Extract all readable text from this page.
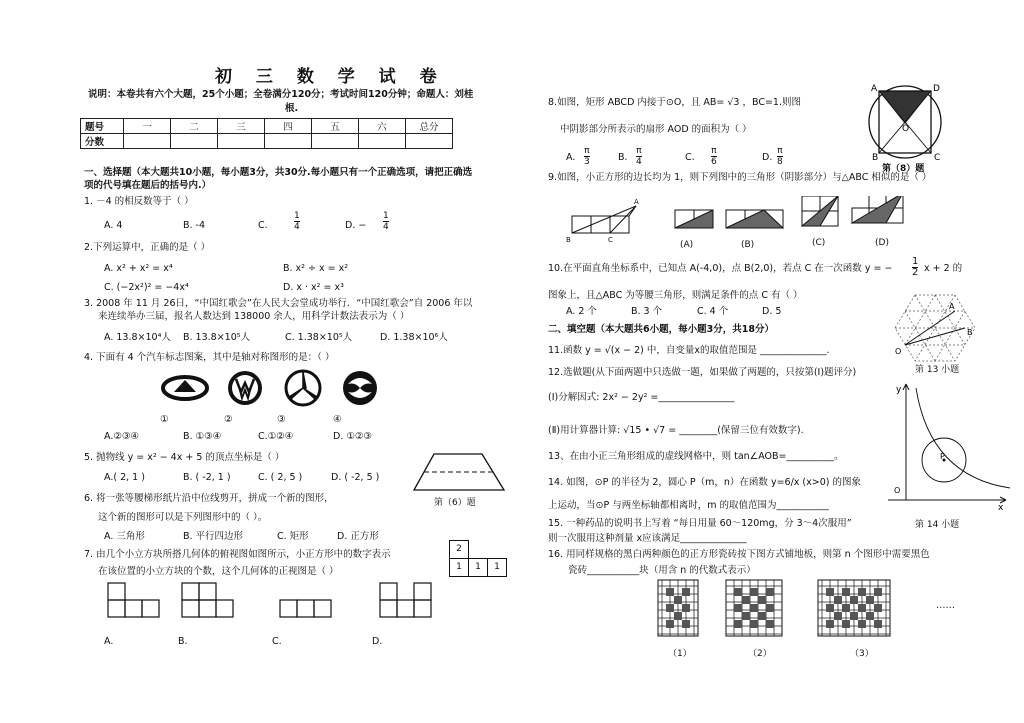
初 三 数 学 试 卷
说明：本卷共有六个大题，25个小题；全卷满分120分；考试时间120分钟；命题人：刘桂
根.
题号	一	二	三	四	五	六	总分
分数							
一、选择题（本大题共10小题，每小题3分，共30分.每小题只有一个正确选项，请把正确选
项的代号填在题后的括号内.）
1. －4 的相反数等于（ ）
A. 4	B. -4	C.	$\frac{1}{4}$	D. − $\frac{1}{4}$
2.下列运算中，正确的是（ ）
A. x² + x² = x⁴	B. x² ÷ x = x²
C. (−2x²)² = −4x⁴	D. x · x² = x³
3. 2008 年 11 月 26日，“中国红歌会”在人民大会堂成功举行．“中国红歌会”自 2006 年以
来连续举办三届，报名人数达到 138000 余人，用科学计数法表示为（ ）
A. 13.8×10⁴人 B. 13.8×10⁵人	C. 1.38×10⁵人	D. 1.38×10⁶人
4. 下面有 4 个汽车标志图案，其中是轴对称图形的是：（ ）
①	②	③	④
A.②③④	B. ①③④	C.①②④	D. ①②③
5. 抛物线 y = x² − 4x + 5 的顶点坐标是（ ）
A.( 2, 1 )	B. ( -2, 1 )	C. ( 2, 5 )	D. ( -2, 5 )
第（6）题
6. 将一张等腰梯形纸片沿中位线剪开，拼成一个新的图形，
这个新的图形可以是下列图形中的（ ）。
A. 三角形	B. 平行四边形	C. 矩形	D. 正方形
7. 由几个小立方块所搭几何体的俯视图如图所示，小正方形中的数字表示
在该位置的小立方块的个数，这个几何体的正视图是（ ）
2
1	1	1
A.	B.	C.	D.
8.如图，矩形 ABCD 内接于⊙O，且 AB= √3 ，BC=1.则图
中阴影部分所表示的扇形 AOD 的面积为（ ）
A. $\frac{\pi}{3}$	B. $\frac{\pi}{4}$	C. $\frac{\pi}{6}$	D. $\frac{\pi}{8}$
A	D
O
B	C
第（8）题
9.如图，小正方形的边长均为 1，则下列图中的三角形（阴影部分）与△ABC 相似的是（ ）
B	C
A
(A)	(B)	(C)	(D)
10.在平面直角坐标系中，已知点 A(-4,0)，点 B(2,0)，若点 C 在一次函数 y = − $\frac{1}{2}$ x + 2 的
图象上，且△ABC 为等腰三角形，则满足条件的点 C 有（ ）
A. 2 个	B. 3 个	C. 4 个	D. 5
二、填空题（本大题共6小题，每小题3分，共18分）
11.函数 y = √(x − 2) 中，自变量x的取值范围是 ______________.
12.选做题(从下面两题中只选做一题，如果做了两题的，只按第(Ⅰ)题评分)
(Ⅰ)分解因式: 2x² − 2y² =________________
(Ⅱ)用计算器计算: √15 • √7 = ________(保留三位有效数字).
13、在由小正三角形组成的虚线网格中，则 tan∠AOB=__________。
14. 如图，⊙P 的半径为 2，圆心 P（m，n）在函数 y=6/x (x>0) 的图象
上运动，当⊙P 与两坐标轴都相离时，m 的取值范围为___________
15. 一种药品的说明书上写着 “每日用量 60～120mg，分 3～4次服用”
则一次服用这种剂量 x应该满足______________
16. 用同样规格的黑白两种颜色的正方形瓷砖按下图方式铺地板，则第 n 个图形中需要黑色
瓷砖___________块（用含 n 的代数式表示）
A
B
O
第 13 小题
y
P
O
x
第 14 小题
（1）	（2）	（3）
……
